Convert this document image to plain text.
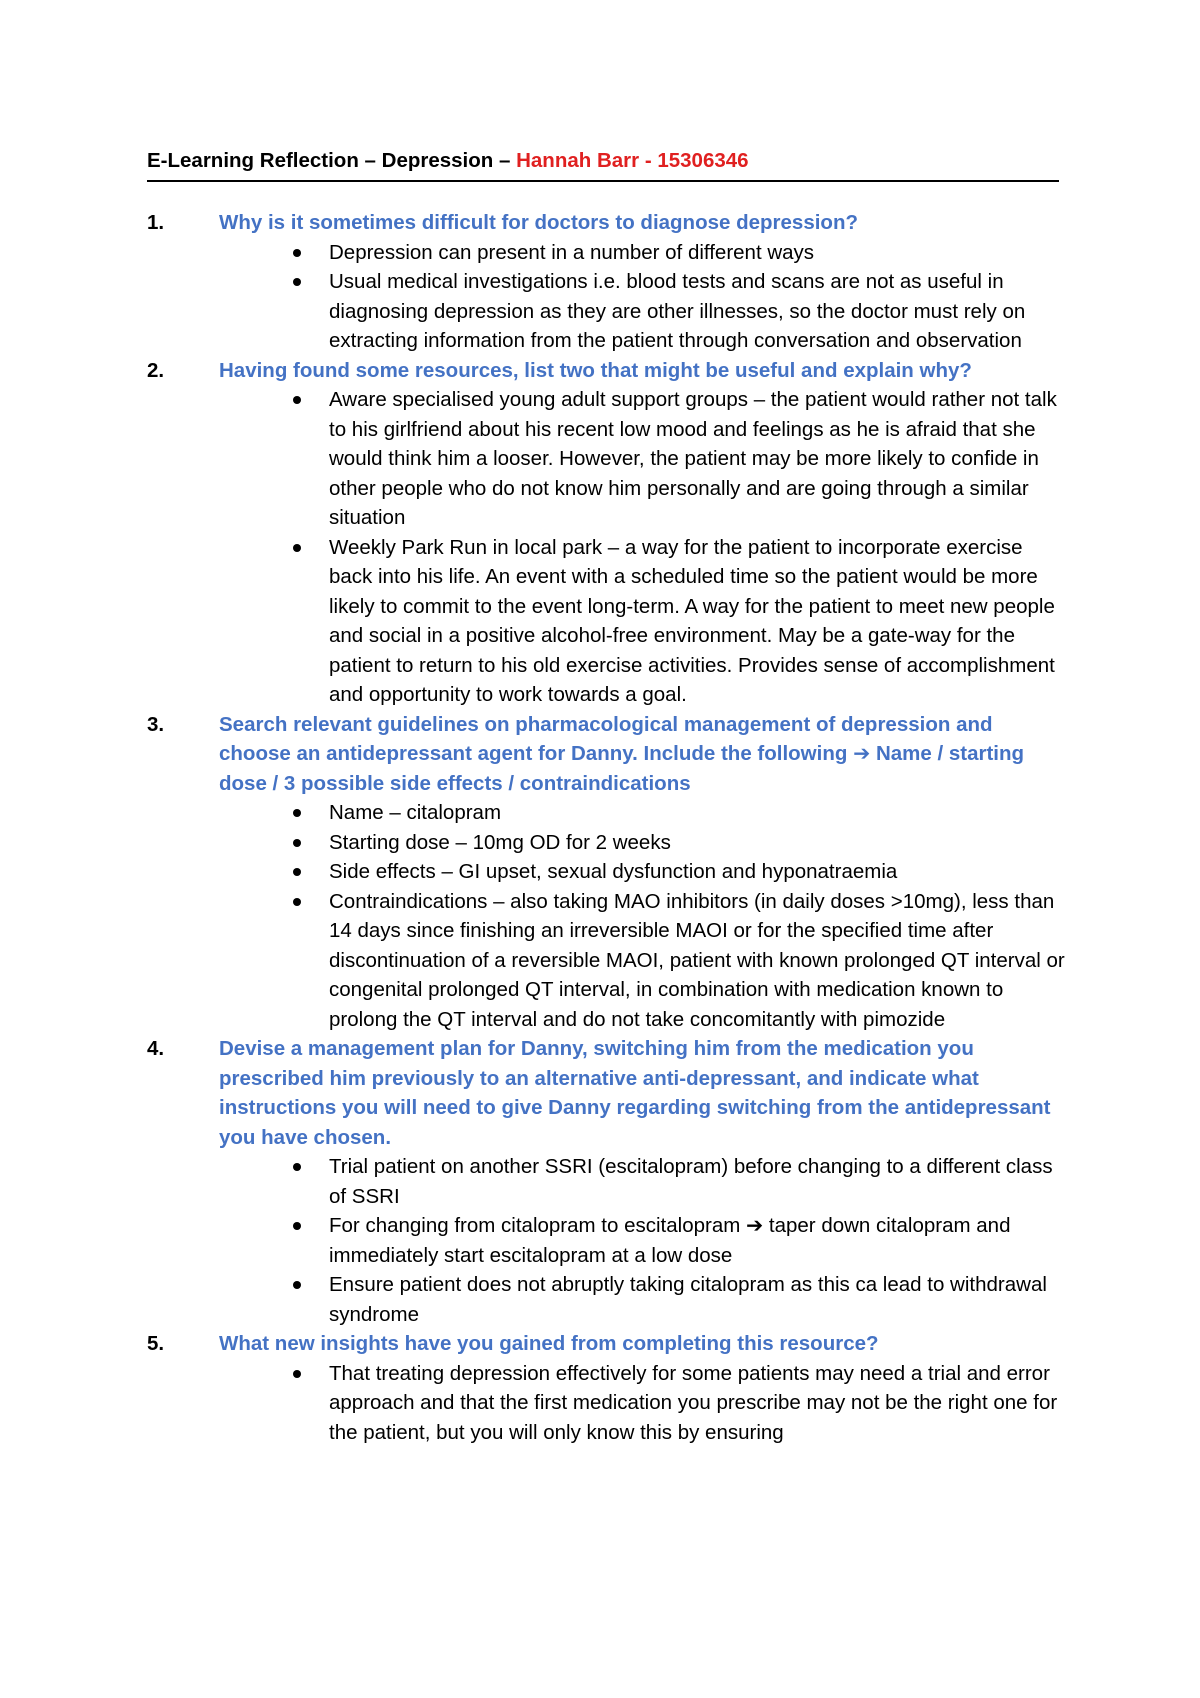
E-Learning Reflection – Depression – Hannah Barr - 15306346
1.	Why is it sometimes difficult for doctors to diagnose depression?
Depression can present in a number of different ways
Usual medical investigations i.e. blood tests and scans are not as useful in diagnosing depression as they are other illnesses, so the doctor must rely on extracting information from the patient through conversation and observation
2.	Having found some resources, list two that might be useful and explain why?
Aware specialised young adult support groups – the patient would rather not talk to his girlfriend about his recent low mood and feelings as he is afraid that she would think him a looser. However, the patient may be more likely to confide in other people who do not know him personally and are going through a similar situation
Weekly Park Run in local park – a way for the patient to incorporate exercise back into his life. An event with a scheduled time so the patient would be more likely to commit to the event long-term. A way for the patient to meet new people and social in a positive alcohol-free environment. May be a gate-way for the patient to return to his old exercise activities. Provides sense of accomplishment and opportunity to work towards a goal.
3.	Search relevant guidelines on pharmacological management of depression and choose an antidepressant agent for Danny. Include the following ➔ Name / starting dose / 3 possible side effects / contraindications
Name – citalopram
Starting dose – 10mg OD for 2 weeks
Side effects – GI upset, sexual dysfunction and hyponatraemia
Contraindications – also taking MAO inhibitors (in daily doses >10mg), less than 14 days since finishing an irreversible MAOI or for the specified time after discontinuation of a reversible MAOI, patient with known prolonged QT interval or congenital prolonged QT interval, in combination with medication known to prolong the QT interval and do not take concomitantly with pimozide
4.	Devise a management plan for Danny, switching him from the medication you prescribed him previously to an alternative anti-depressant, and indicate what instructions you will need to give Danny regarding switching from the antidepressant you have chosen.
Trial patient on another SSRI (escitalopram) before changing to a different class of SSRI
For changing from citalopram to escitalopram ➔ taper down citalopram and immediately start escitalopram at a low dose
Ensure patient does not abruptly taking citalopram as this ca lead to withdrawal syndrome
5.	What new insights have you gained from completing this resource?
That treating depression effectively for some patients may need a trial and error approach and that the first medication you prescribe may not be the right one for the patient, but you will only know this by ensuring
